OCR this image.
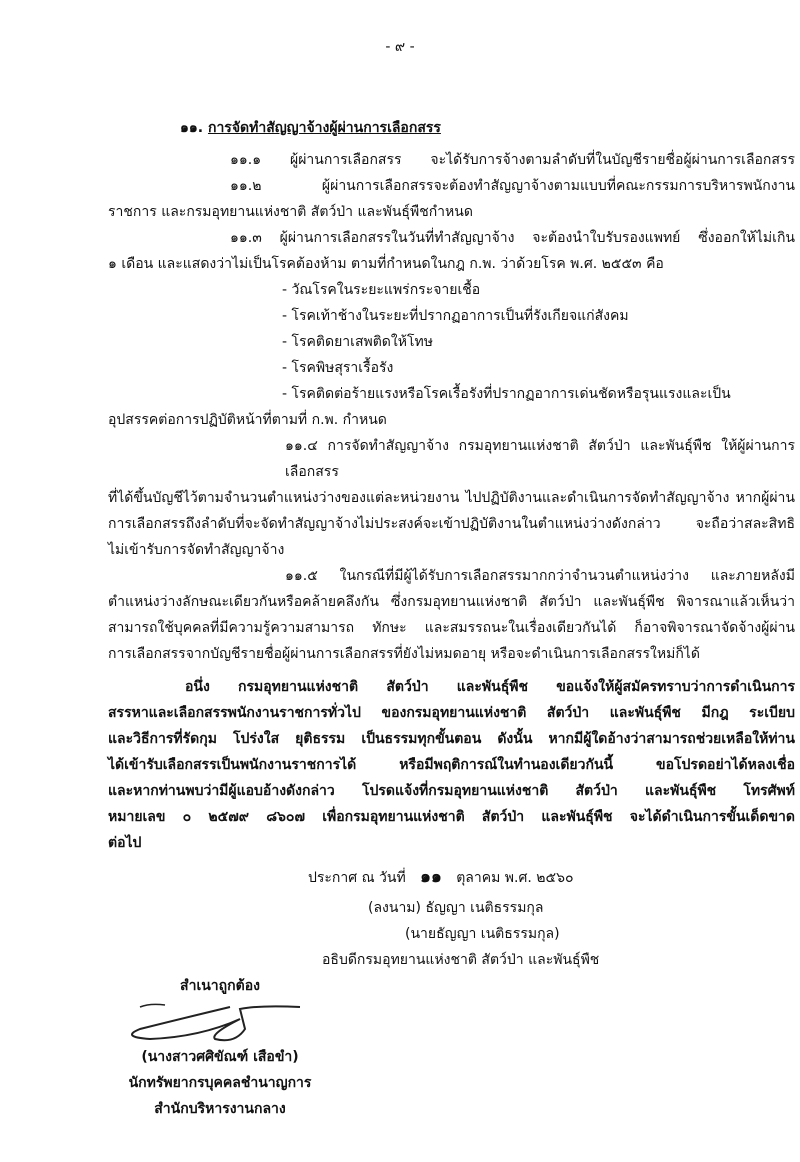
- ๙ -
๑๑. การจัดทำสัญญาจ้างผู้ผ่านการเลือกสรร
๑๑.๑ ผู้ผ่านการเลือกสรร จะได้รับการจ้างตามลำดับที่ในบัญชีรายชื่อผู้ผ่านการเลือกสรร
๑๑.๒ ผู้ผ่านการเลือกสรรจะต้องทำสัญญาจ้างตามแบบที่คณะกรรมการบริหารพนักงาน
ราชการ และกรมอุทยานแห่งชาติ สัตว์ป่า และพันธุ์พืชกำหนด
๑๑.๓ ผู้ผ่านการเลือกสรรในวันที่ทำสัญญาจ้าง จะต้องนำใบรับรองแพทย์ ซึ่งออกให้ไม่เกิน
๑ เดือน และแสดงว่าไม่เป็นโรคต้องห้าม ตามที่กำหนดในกฎ ก.พ. ว่าด้วยโรค พ.ศ. ๒๕๕๓ คือ
- วัณโรคในระยะแพร่กระจายเชื้อ
- โรคเท้าช้างในระยะที่ปรากฏอาการเป็นที่รังเกียจแก่สังคม
- โรคติดยาเสพติดให้โทษ
- โรคพิษสุราเรื้อรัง
- โรคติดต่อร้ายแรงหรือโรคเรื้อรังที่ปรากฏอาการเด่นชัดหรือรุนแรงและเป็น
อุปสรรคต่อการปฏิบัติหน้าที่ตามที่ ก.พ. กำหนด
๑๑.๔ การจัดทำสัญญาจ้าง กรมอุทยานแห่งชาติ สัตว์ป่า และพันธุ์พืช ให้ผู้ผ่านการเลือกสรร
ที่ได้ขึ้นบัญชีไว้ตามจำนวนตำแหน่งว่างของแต่ละหน่วยงาน ไปปฏิบัติงานและดำเนินการจัดทำสัญญาจ้าง หากผู้ผ่าน
การเลือกสรรถึงลำดับที่จะจัดทำสัญญาจ้างไม่ประสงค์จะเข้าปฏิบัติงานในตำแหน่งว่างดังกล่าว จะถือว่าสละสิทธิ
ไม่เข้ารับการจัดทำสัญญาจ้าง
๑๑.๕ ในกรณีที่มีผู้ได้รับการเลือกสรรมากกว่าจำนวนตำแหน่งว่าง และภายหลังมี
ตำแหน่งว่างลักษณะเดียวกันหรือคล้ายคลึงกัน ซึ่งกรมอุทยานแห่งชาติ สัตว์ป่า และพันธุ์พืช พิจารณาแล้วเห็นว่า
สามารถใช้บุคคลที่มีความรู้ความสามารถ ทักษะ และสมรรถนะในเรื่องเดียวกันได้ ก็อาจพิจารณาจัดจ้างผู้ผ่าน
การเลือกสรรจากบัญชีรายชื่อผู้ผ่านการเลือกสรรที่ยังไม่หมดอายุ หรือจะดำเนินการเลือกสรรใหม่ก็ได้
อนึ่ง กรมอุทยานแห่งชาติ สัตว์ป่า และพันธุ์พืช ขอแจ้งให้ผู้สมัครทราบว่าการดำเนินการ
สรรหาและเลือกสรรพนักงานราชการทั่วไป ของกรมอุทยานแห่งชาติ สัตว์ป่า และพันธุ์พืช มีกฎ ระเบียบ
และวิธีการที่รัดกุม โปร่งใส ยุติธรรม เป็นธรรมทุกขั้นตอน ดังนั้น หากมีผู้ใดอ้างว่าสามารถช่วยเหลือให้ท่าน
ได้เข้ารับเลือกสรรเป็นพนักงานราชการได้ หรือมีพฤติการณ์ในทำนองเดียวกันนี้ ขอโปรดอย่าได้หลงเชื่อ
และหากท่านพบว่ามีผู้แอบอ้างดังกล่าว โปรดแจ้งที่กรมอุทยานแห่งชาติ สัตว์ป่า และพันธุ์พืช โทรศัพท์
หมายเลข ๐ ๒๕๗๙ ๘๖๐๗ เพื่อกรมอุทยานแห่งชาติ สัตว์ป่า และพันธุ์พืช จะได้ดำเนินการขั้นเด็ดขาด
ต่อไป
ประกาศ ณ วันที่ ๑๑ ตุลาคม พ.ศ. ๒๕๖๐
(ลงนาม) ธัญญา เนติธรรมกุล
(นายธัญญา เนติธรรมกุล)
อธิบดีกรมอุทยานแห่งชาติ สัตว์ป่า และพันธุ์พืช
สำเนาถูกต้อง
(นางสาวศศิขัณฑ์ เสือขำ)
นักทรัพยากรบุคคลชำนาญการ
สำนักบริหารงานกลาง
